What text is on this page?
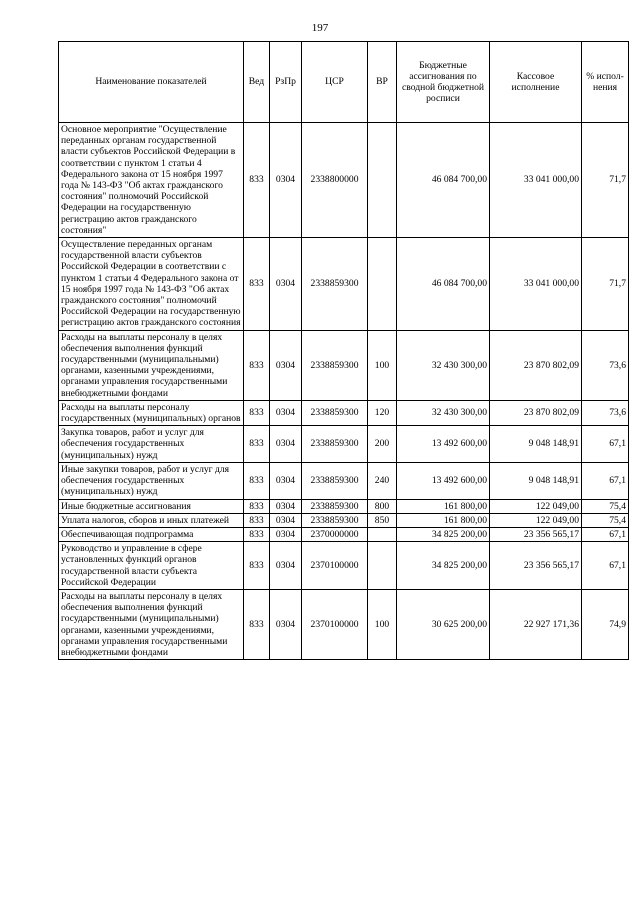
197
Наименование показателей	Вед	РзПр	ЦСР	ВР	Бюджетные ассигнования по сводной бюджетной росписи	Кассовое исполнение	% испол-нения
Основное мероприятие "Осуществление переданных органам государственной власти субъектов Российской Федерации в соответствии с пунктом 1 статьи 4 Федерального закона от 15 ноября 1997 года № 143-ФЗ "Об актах гражданского состояния" полномочий Российской Федерации на государственную регистрацию актов гражданского состояния"	833	0304	2338800000		46 084 700,00	33 041 000,00	71,7
Осуществление переданных органам государственной власти субъектов Российской Федерации в соответствии с пунктом 1 статьи 4 Федерального закона от 15 ноября 1997 года № 143-ФЗ "Об актах гражданского состояния" полномочий Российской Федерации на государственную регистрацию актов гражданского состояния	833	0304	2338859300		46 084 700,00	33 041 000,00	71,7
Расходы на выплаты персоналу в целях обеспечения выполнения функций государственными (муниципальными) органами, казенными учреждениями, органами управления государственными внебюджетными фондами	833	0304	2338859300	100	32 430 300,00	23 870 802,09	73,6
Расходы на выплаты персоналу государственных (муниципальных) органов	833	0304	2338859300	120	32 430 300,00	23 870 802,09	73,6
Закупка товаров, работ и услуг для обеспечения государственных (муниципальных) нужд	833	0304	2338859300	200	13 492 600,00	9 048 148,91	67,1
Иные закупки товаров, работ и услуг для обеспечения государственных (муниципальных) нужд	833	0304	2338859300	240	13 492 600,00	9 048 148,91	67,1
Иные бюджетные ассигнования	833	0304	2338859300	800	161 800,00	122 049,00	75,4
Уплата налогов, сборов и иных платежей	833	0304	2338859300	850	161 800,00	122 049,00	75,4
Обеспечивающая подпрограмма	833	0304	2370000000		34 825 200,00	23 356 565,17	67,1
Руководство и управление в сфере установленных функций органов государственной власти субъекта Российской Федерации	833	0304	2370100000		34 825 200,00	23 356 565,17	67,1
Расходы на выплаты персоналу в целях обеспечения выполнения функций государственными (муниципальными) органами, казенными учреждениями, органами управления государственными внебюджетными фондами	833	0304	2370100000	100	30 625 200,00	22 927 171,36	74,9
